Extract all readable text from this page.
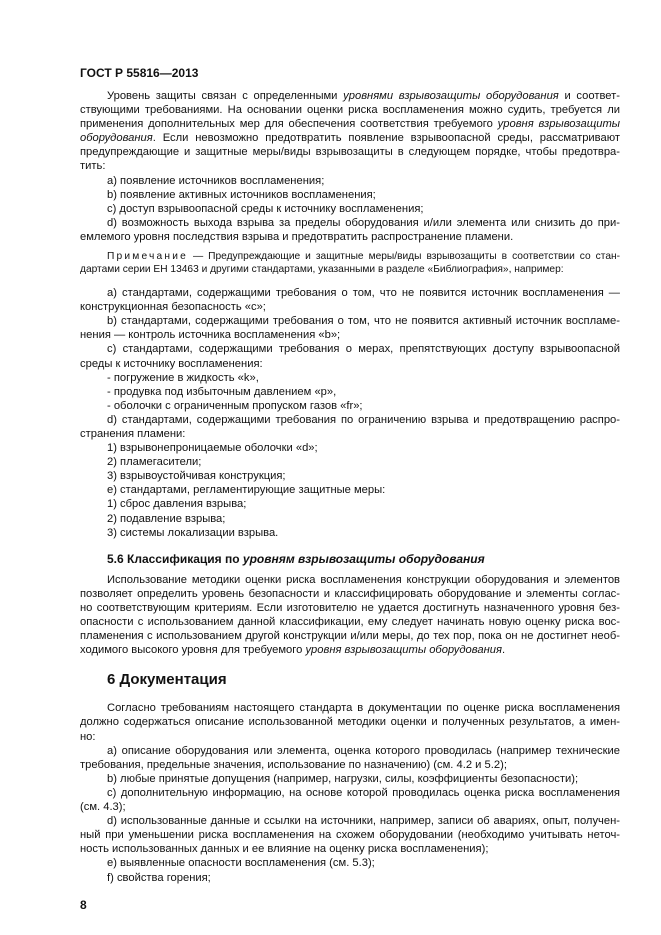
ГОСТ Р 55816—2013
Уровень защиты связан с определенными уровнями взрывозащиты оборудования и соответ-
ствующими требованиями. На основании оценки риска воспламенения можно судить, требуется ли
применения дополнительных мер для обеспечения соответствия требуемого уровня взрывозащиты
оборудования. Если невозможно предотвратить появление взрывоопасной среды, рассматривают
предупреждающие и защитные меры/виды взрывозащиты в следующем порядке, чтобы предотвра-
тить:
а) появление источников воспламенения;
b) появление активных источников воспламенения;
с) доступ взрывоопасной среды к источнику воспламенения;
d) возможность выхода взрыва за пределы оборудования и/или элемента или снизить до при-
емлемого уровня последствия взрыва и предотвратить распространение пламени.
Примечание — Предупреждающие и защитные меры/виды взрывозащиты в соответствии со стан-
дартами серии ЕН 13463 и другими стандартами, указанными в разделе «Библиография», например:
а) стандартами, содержащими требования о том, что не появится источник воспламенения —
конструкционная безопасность «с»;
b) стандартами, содержащими требования о том, что не появится активный источник воспламе-
нения — контроль источника воспламенения «b»;
с) стандартами, содержащими требования о мерах, препятствующих доступу взрывоопасной
среды к источнику воспламенения:
- погружение в жидкость «k»,
- продувка под избыточным давлением «р»,
- оболочки с ограниченным пропуском газов «fr»;
d) стандартами, содержащими требования по ограничению взрыва и предотвращению распро-
странения пламени:
1) взрывонепроницаемые оболочки «d»;
2) пламегасители;
3) взрывоустойчивая конструкция;
е) стандартами, регламентирующие защитные меры:
1) сброс давления взрыва;
2) подавление взрыва;
3) системы локализации взрыва.
5.6 Классификация по уровням взрывозащиты оборудования
Использование методики оценки риска воспламенения конструкции оборудования и элементов
позволяет определить уровень безопасности и классифицировать оборудование и элементы соглас-
но соответствующим критериям. Если изготовителю не удается достигнуть назначенного уровня без-
опасности с использованием данной классификации, ему следует начинать новую оценку риска вос-
пламенения с использованием другой конструкции и/или меры, до тех пор, пока он не достигнет необ-
ходимого высокого уровня для требуемого уровня взрывозащиты оборудования.
6 Документация
Согласно требованиям настоящего стандарта в документации по оценке риска воспламенения
должно содержаться описание использованной методики оценки и полученных результатов, а имен-
но:
а) описание оборудования или элемента, оценка которого проводилась (например технические
требования, предельные значения, использование по назначению) (см. 4.2 и 5.2);
b) любые принятые допущения (например, нагрузки, силы, коэффициенты безопасности);
с) дополнительную информацию, на основе которой проводилась оценка риска воспламенения
(см. 4.3);
d) использованные данные и ссылки на источники, например, записи об авариях, опыт, получен-
ный при уменьшении риска воспламенения на схожем оборудовании (необходимо учитывать неточ-
ность использованных данных и ее влияние на оценку риска воспламенения);
е) выявленные опасности воспламенения (см. 5.3);
f) свойства горения;
8
